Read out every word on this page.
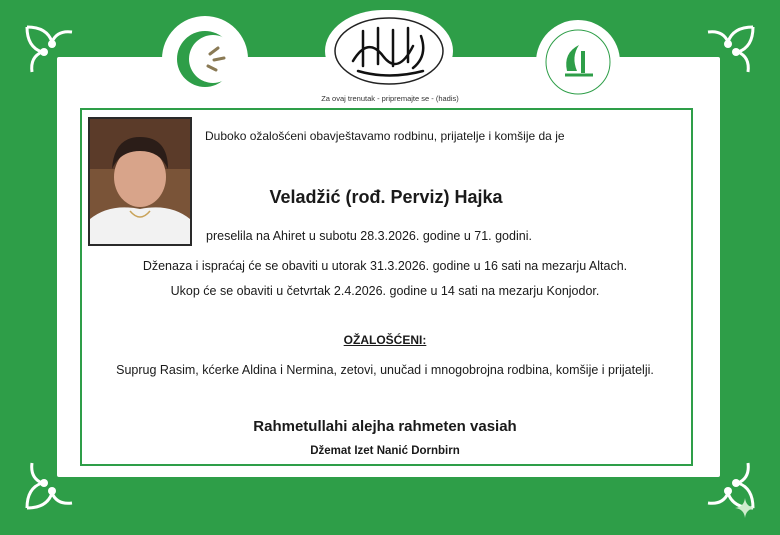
Za ovaj trenutak - pripremajte se - (hadis)
Duboko ožalošćeni obavještavamo rodbinu, prijatelje i komšije da je
Veladžić (rođ. Perviz) Hajka
preselila na Ahiret u subotu 28.3.2026. godine u 71. godini.
Dženaza i ispraćaj će se obaviti u utorak 31.3.2026. godine u 16 sati na mezarju Altach.
Ukop će se obaviti u četvrtak 2.4.2026. godine u 14 sati na mezarju Konjodor.
OŽALOŠĆENI:
Suprug Rasim, kćerke Aldina i Nermina, zetovi, unučad i mnogobrojna rodbina, komšije i prijatelji.
Rahmetullahi alejha rahmeten vasiah
Džemat Izet Nanić Dornbirn
